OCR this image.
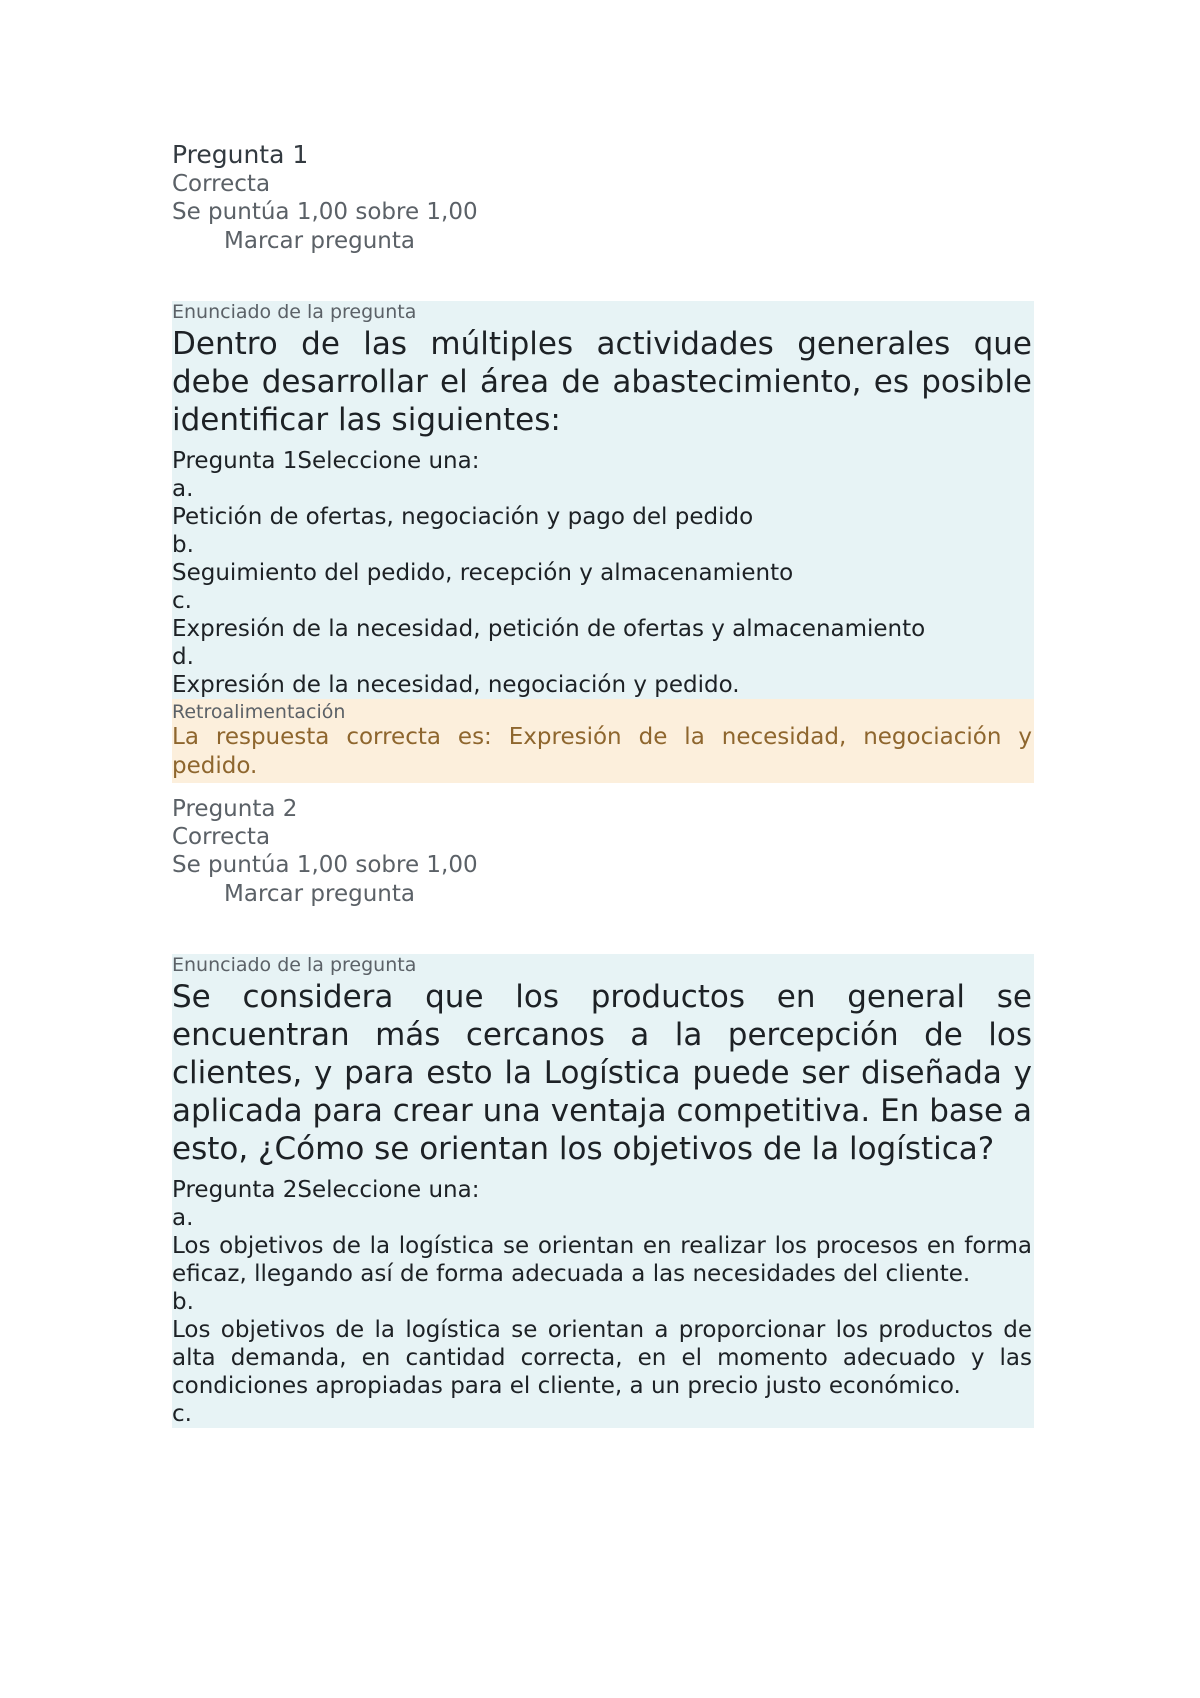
Pregunta 1
Correcta
Se puntúa 1,00 sobre 1,00
Marcar pregunta
Enunciado de la pregunta
Dentro de las múltiples actividades generales que debe desarrollar el área de abastecimiento, es posible identificar las siguientes:
Pregunta 1Seleccione una:
a.
Petición de ofertas, negociación y pago del pedido
b.
Seguimiento del pedido, recepción y almacenamiento
c.
Expresión de la necesidad, petición de ofertas y almacenamiento
d.
Expresión de la necesidad, negociación y pedido.
Retroalimentación
La respuesta correcta es: Expresión de la necesidad, negociación y pedido.
Pregunta 2
Correcta
Se puntúa 1,00 sobre 1,00
Marcar pregunta
Enunciado de la pregunta
Se considera que los productos en general se encuentran más cercanos a la percepción de los clientes, y para esto la Logística puede ser diseñada y aplicada para crear una ventaja competitiva. En base a esto, ¿Cómo se orientan los objetivos de la logística?
Pregunta 2Seleccione una:
a.
Los objetivos de la logística se orientan en realizar los procesos en forma eficaz, llegando así de forma adecuada a las necesidades del cliente.
b.
Los objetivos de la logística se orientan a proporcionar los productos de alta demanda, en cantidad correcta, en el momento adecuado y las condiciones apropiadas para el cliente, a un precio justo económico.
c.
